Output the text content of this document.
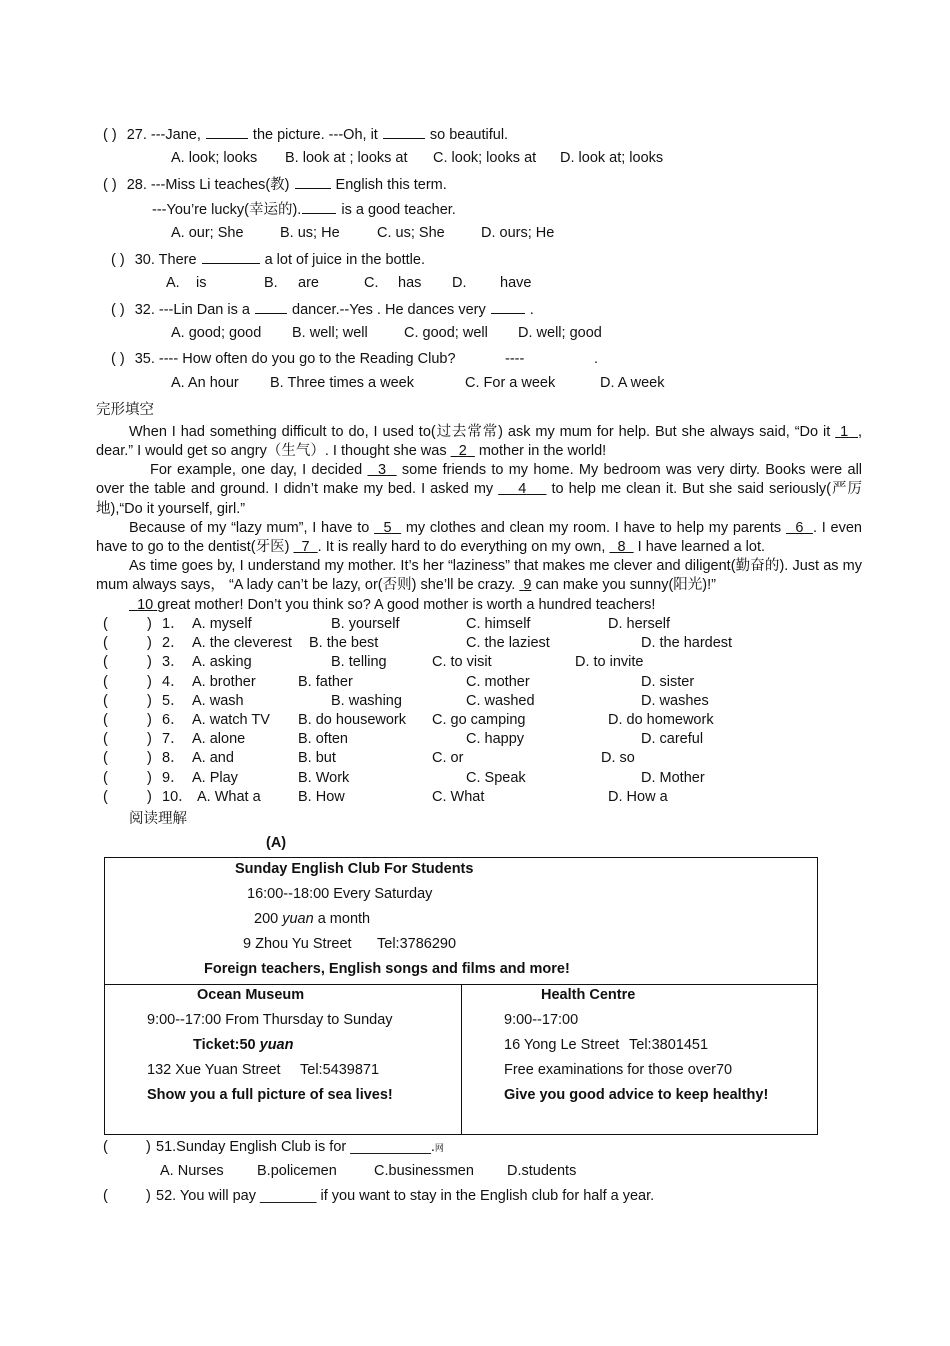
( ) 27. ---Jane,	the picture. ---Oh, it	so beautiful.
A. look; looks B. look at ; looks at C. look; looks at D. look at; looks
( ) 28. ---Miss Li teaches(教)	English this term.
---You’re lucky(幸运的). is a good teacher.
A. our; She	B. us; He	C. us; She	D. ours; He
( ) 30. There	a lot of juice in the bottle.
A. is	B. are	C. has D. have
( ) 32. ---Lin Dan is a  dancer.--Yes . He dances very  .
A. good; good B. well; well	C. good; well D. well; good
( ) 35. ---- How often do you go to the Reading Club?	----	.
A. An hour B. Three times a week	C. For a week	D. A week
完形填空
When I had something difficult to do, I used to(过去常常) ask my mum for help. But she always said, “Do it  1 , dear.” I would get so angry（生气）. I thought she was   2   mother in the world!
For example, one day, I decided   3   some friends to my home. My bedroom was very dirty. Books were all over the table and ground. I didn’t make my bed. I asked my     4     to help me clean it. But she said seriously(严厉地),“Do it yourself, girl.”
Because of my “lazy mum”, I have to   5   my clothes and clean my room. I have to help my parents   6 . I even have to go to the dentist(牙医)   7 . It is really hard to do everything on my own,   8   I have learned a lot.
As time goes by, I understand my mother. It’s her “laziness” that makes me clever and diligent(勤奋的). Just as my mum always says， “A lady can’t be lazy, or(否则) she’ll be crazy.  9 can make you sunny(阳光)!”
10 great mother! Don’t you think so? A good mother is worth a hundred teachers!
(	) 1． A. myself	B. yourself	C. himself	D. herself
(	) 2． A. the cleverest B. the best	C. the laziest	D. the hardest
(	) 3． A. asking	B. telling	C. to visit	D. to invite
(	) 4． A. brother	B. father	C. mother	D. sister
(	) 5． A. wash	B. washing	C. washed	D. washes
(	) 6． A. watch TV B. do housework C. go camping	D. do homework
(	) 7． A. alone	B. often	C. happy	D. careful
(	) 8． A. and	B. but	C. or	D. so
(	) 9． A. Play	B. Work	C. Speak	D. Mother
(	) 10． A. What a	B. How	C. What	D. How a
阅读理解
(A)
Sunday English Club For Students
16:00--18:00 Every Saturday
200 yuan a month
9 Zhou Yu Street Tel:3786290
Foreign teachers, English songs and films and more!
Ocean Museum
9:00--17:00 From Thursday to Sunday
Ticket:50 yuan
132 Xue Yuan Street Tel:5439871
Show you a full picture of sea lives!
Health Centre
9:00--17:00
16 Yong Le Street Tel:3801451
Free examinations for those over70
Give you good advice to keep healthy!
(	) 51.Sunday English Club is for __________.网
A. Nurses B.policemen	C.businessmen D.students
(	) 52. You will pay _______ if you want to stay in the English club for half a year.
